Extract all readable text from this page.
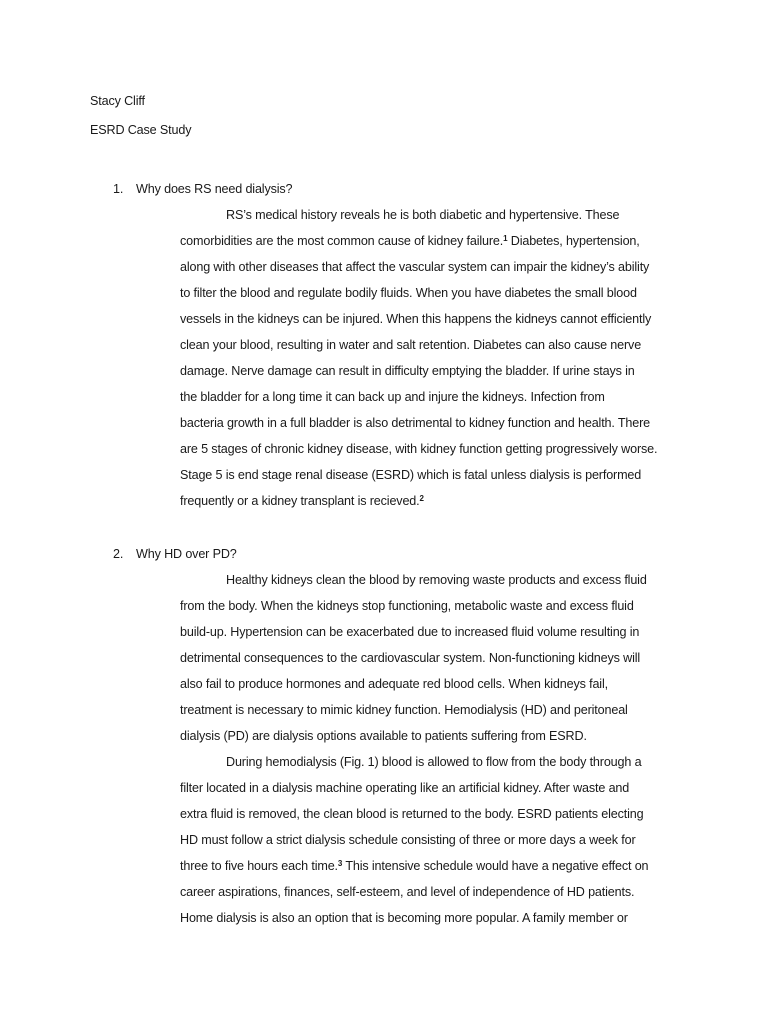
Stacy Cliff
ESRD Case Study
1. Why does RS need dialysis?
RS’s medical history reveals he is both diabetic and hypertensive. These
comorbidities are the most common cause of kidney failure.$^1$ Diabetes, hypertension,
along with other diseases that affect the vascular system can impair the kidney’s ability
to filter the blood and regulate bodily fluids. When you have diabetes the small blood
vessels in the kidneys can be injured. When this happens the kidneys cannot efficiently
clean your blood, resulting in water and salt retention. Diabetes can also cause nerve
damage. Nerve damage can result in difficulty emptying the bladder. If urine stays in
the bladder for a long time it can back up and injure the kidneys. Infection from
bacteria growth in a full bladder is also detrimental to kidney function and health. There
are 5 stages of chronic kidney disease, with kidney function getting progressively worse.
Stage 5 is end stage renal disease (ESRD) which is fatal unless dialysis is performed
frequently or a kidney transplant is recieved.$^2$
2. Why HD over PD?
Healthy kidneys clean the blood by removing waste products and excess fluid
from the body. When the kidneys stop functioning, metabolic waste and excess fluid
build-up. Hypertension can be exacerbated due to increased fluid volume resulting in
detrimental consequences to the cardiovascular system. Non-functioning kidneys will
also fail to produce hormones and adequate red blood cells. When kidneys fail,
treatment is necessary to mimic kidney function. Hemodialysis (HD) and peritoneal
dialysis (PD) are dialysis options available to patients suffering from ESRD.
During hemodialysis (Fig. 1) blood is allowed to flow from the body through a
filter located in a dialysis machine operating like an artificial kidney. After waste and
extra fluid is removed, the clean blood is returned to the body. ESRD patients electing
HD must follow a strict dialysis schedule consisting of three or more days a week for
three to five hours each time.$^3$ This intensive schedule would have a negative effect on
career aspirations, finances, self-esteem, and level of independence of HD patients.
Home dialysis is also an option that is becoming more popular. A family member or
